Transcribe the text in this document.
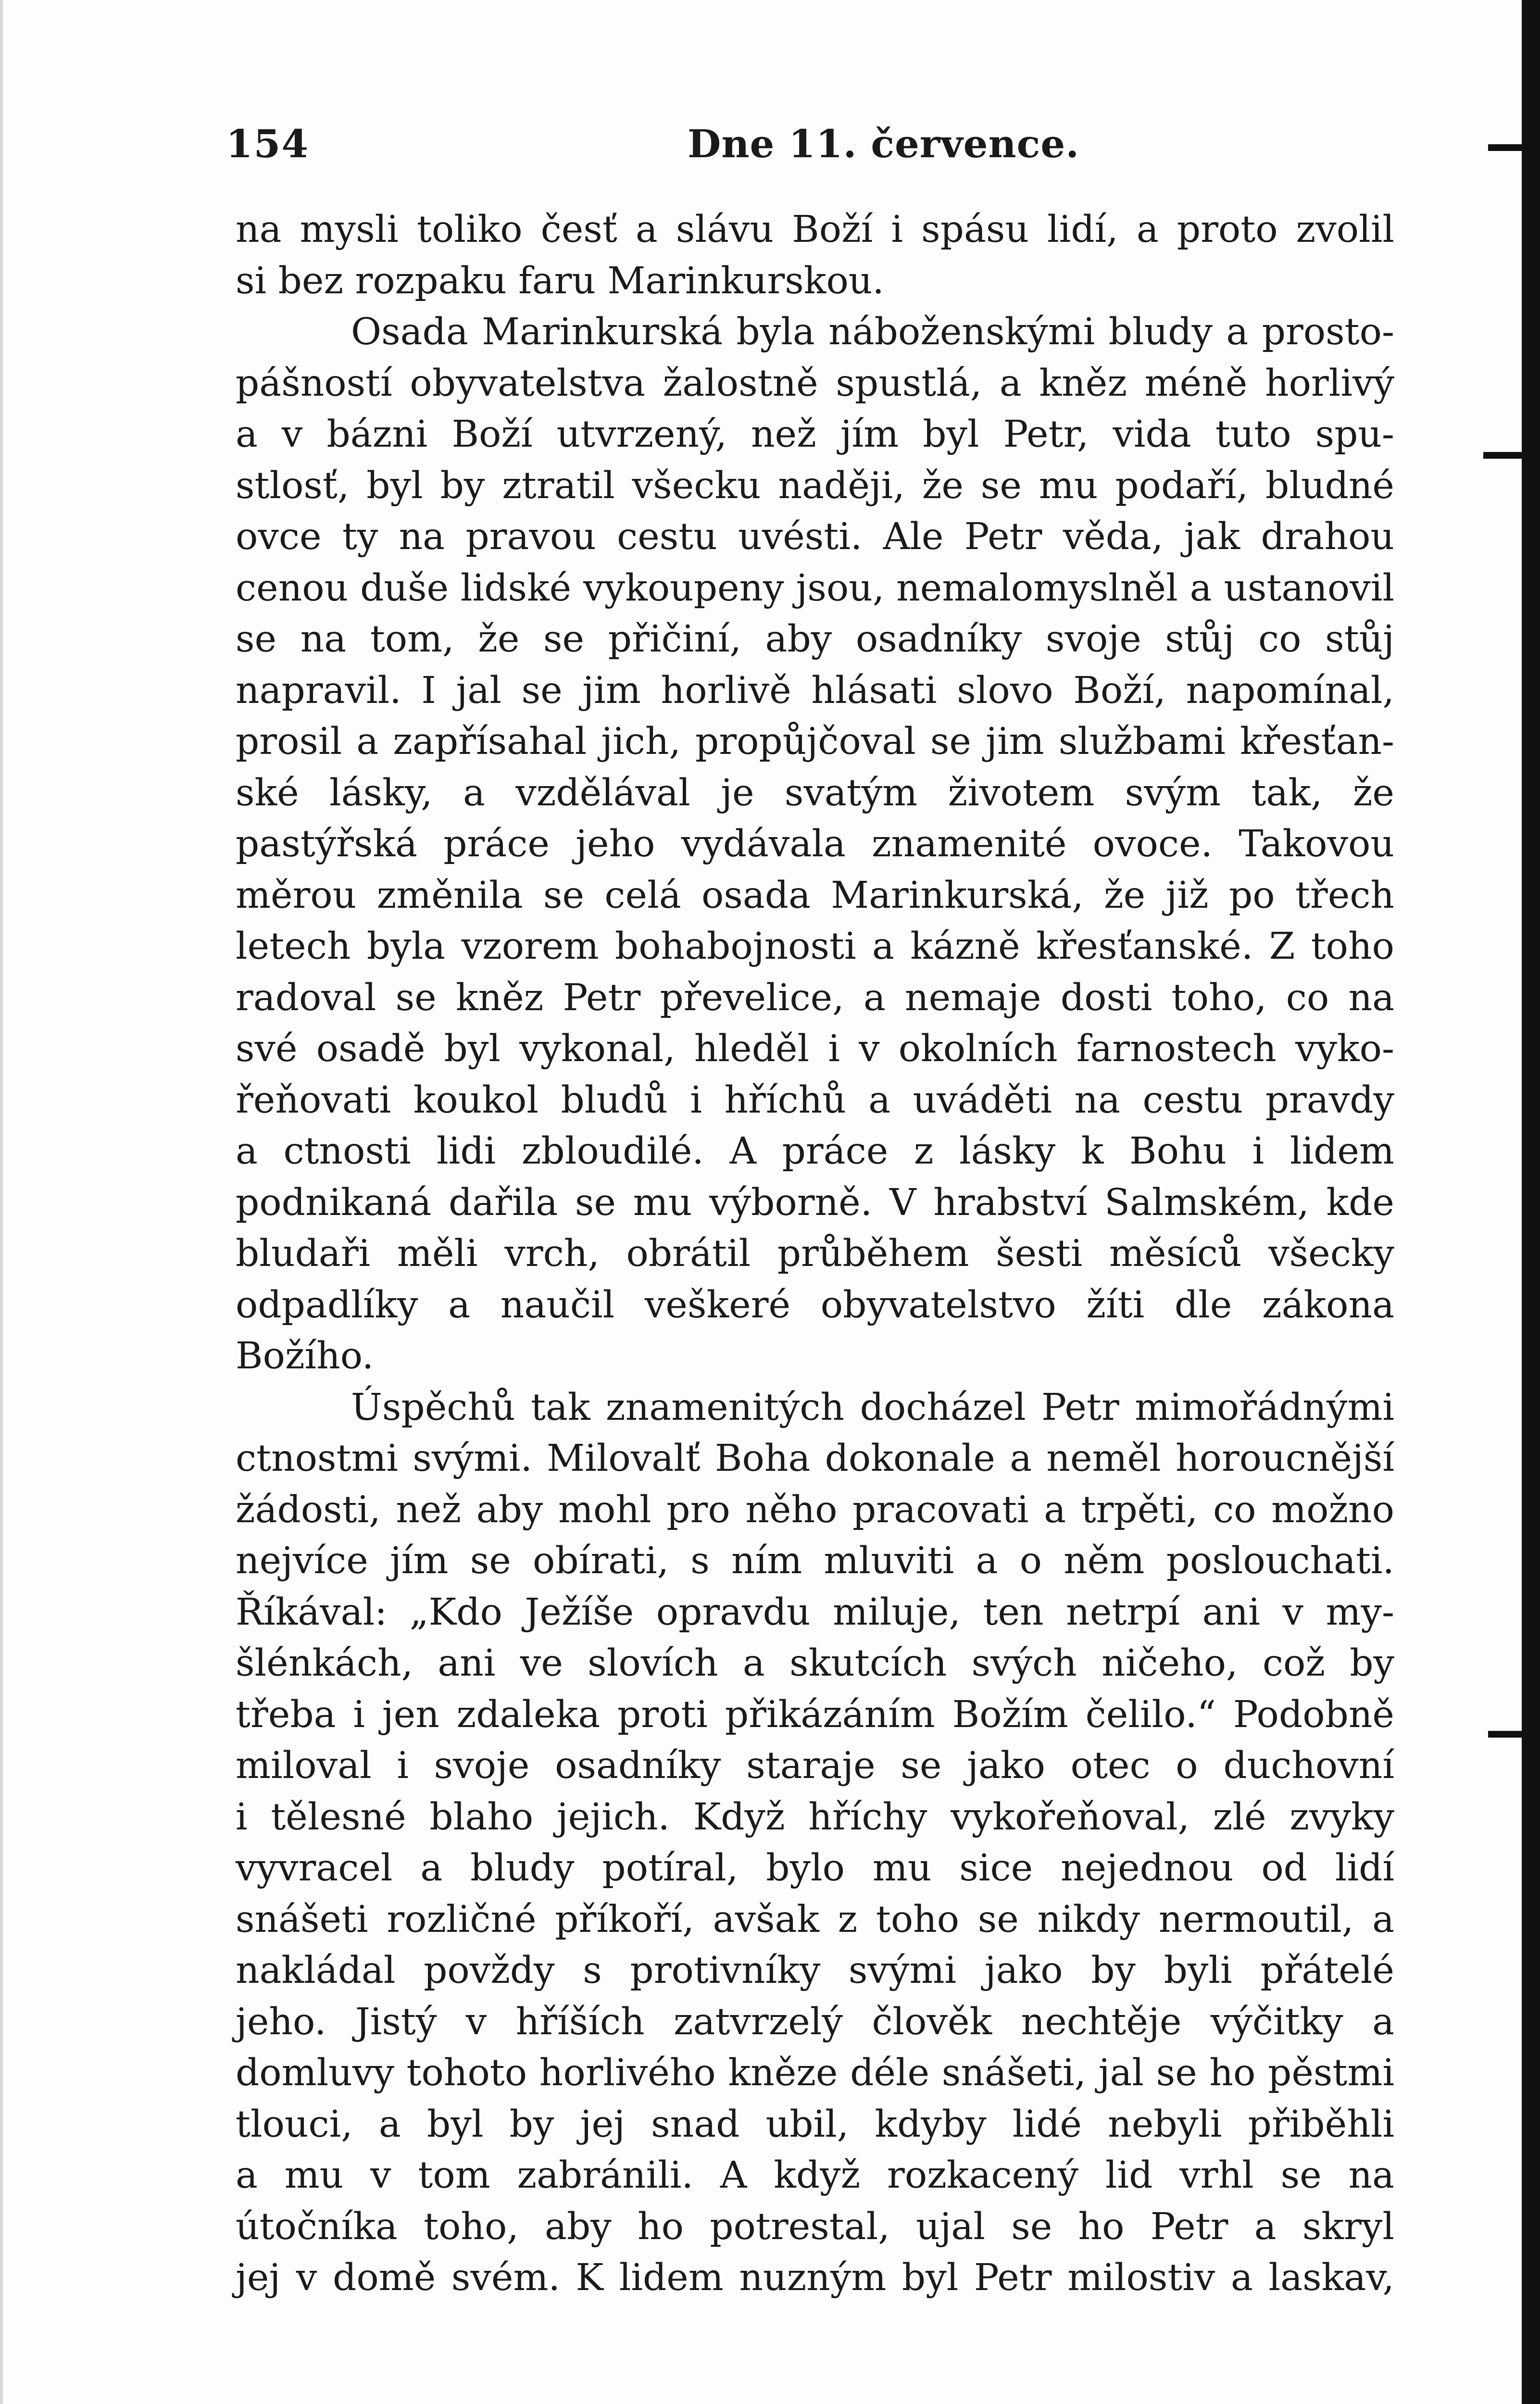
154	Dne 11. července.
na mysli toliko česť a slávu Boží i spásu lidí, a proto zvolil
si bez rozpaku faru Marinkurskou.
Osada Marinkurská byla náboženskými bludy a prosto-
pášností obyvatelstva žalostně spustlá, a kněz méně horlivý
a v bázni Boží utvrzený, než jím byl Petr, vida tuto spu-
stlosť, byl by ztratil všecku naději, že se mu podaří, bludné
ovce ty na pravou cestu uvésti. Ale Petr věda, jak drahou
cenou duše lidské vykoupeny jsou, nemalomyslněl a ustanovil
se na tom, že se přičiní, aby osadníky svoje stůj co stůj
napravil. I jal se jim horlivě hlásati slovo Boží, napomínal,
prosil a zapřísahal jich, propůjčoval se jim službami křesťan-
ské lásky, a vzdělával je svatým životem svým tak, že
pastýřská práce jeho vydávala znamenité ovoce. Takovou
měrou změnila se celá osada Marinkurská, že již po třech
letech byla vzorem bohabojnosti a kázně křesťanské. Z toho
radoval se kněz Petr převelice, a nemaje dosti toho, co na
své osadě byl vykonal, hleděl i v okolních farnostech vyko-
řeňovati koukol bludů i hříchů a uváděti na cestu pravdy
a ctnosti lidi zbloudilé. A práce z lásky k Bohu i lidem
podnikaná dařila se mu výborně. V hrabství Salmském, kde
bludaři měli vrch, obrátil průběhem šesti měsíců všecky
odpadlíky a naučil veškeré obyvatelstvo žíti dle zákona
Božího.
Úspěchů tak znamenitých docházel Petr mimořádnými
ctnostmi svými. Milovalť Boha dokonale a neměl horoucnější
žádosti, než aby mohl pro něho pracovati a trpěti, co možno
nejvíce jím se obírati, s ním mluviti a o něm poslouchati.
Říkával: „Kdo Ježíše opravdu miluje, ten netrpí ani v my-
šlénkách, ani ve slovích a skutcích svých ničeho, což by
třeba i jen zdaleka proti přikázáním Božím čelilo.“ Podobně
miloval i svoje osadníky staraje se jako otec o duchovní
i tělesné blaho jejich. Když hříchy vykořeňoval, zlé zvyky
vyvracel a bludy potíral, bylo mu sice nejednou od lidí
snášeti rozličné příkoří, avšak z toho se nikdy nermoutil, a
nakládal povždy s protivníky svými jako by byli přátelé
jeho. Jistý v hříších zatvrzelý člověk nechtěje výčitky a
domluvy tohoto horlivého kněze déle snášeti, jal se ho pěstmi
tlouci, a byl by jej snad ubil, kdyby lidé nebyli přiběhli
a mu v tom zabránili. A když rozkacený lid vrhl se na
útočníka toho, aby ho potrestal, ujal se ho Petr a skryl
jej v domě svém. K lidem nuzným byl Petr milostiv a laskav,
